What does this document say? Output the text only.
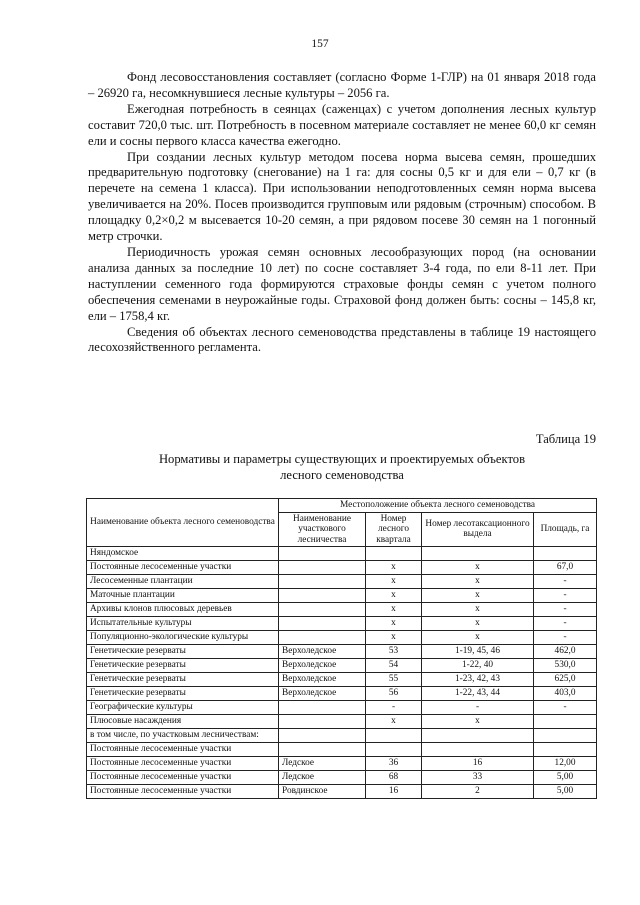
157

Фонд лесовосстановления составляет (согласно Форме 1-ГЛР) на 01 января 2018 года – 26920 га, несомкнувшиеся лесные культуры – 2056 га.

Ежегодная потребность в сеянцах (саженцах) с учетом дополнения лесных культур составит 720,0 тыс. шт. Потребность в посевном материале составляет не менее 60,0 кг семян ели и сосны первого класса качества ежегодно.

При создании лесных культур методом посева норма высева семян, прошедших предварительную подготовку (снегование) на 1 га: для сосны 0,5 кг и для ели – 0,7 кг (в перечете на семена 1 класса). При использовании неподготовленных семян норма высева увеличивается на 20%. Посев производится групповым или рядовым (строчным) способом. В площадку 0,2×0,2 м высевается 10-20 семян, а при рядовом посеве 30 семян на 1 погонный метр строчки.

Периодичность урожая семян основных лесообразующих пород (на основании анализа данных за последние 10 лет) по сосне составляет 3-4 года, по ели 8-11 лет. При наступлении семенного года формируются страховые фонды семян с учетом полного обеспечения семенами в неурожайные годы. Страховой фонд должен быть: сосны – 145,8 кг, ели – 1758,4 кг.

Сведения об объектах лесного семеноводства представлены в таблице 19 настоящего лесохозяйственного регламента.

Таблица 19
Нормативы и параметры существующих и проектируемых объектов
лесного семеноводства
Наименование объекта лесного семеноводства	Местоположение объекта лесного семеноводства			
	Наименование участкового лесничества	Номер лесного квартала	Номер лесотаксационного выдела	Площадь, га
Няндомское				
Постоянные лесосеменные участки		x	x	67,0
Лесосеменные плантации		x	x	-
Маточные плантации		x	x	-
Архивы клонов плюсовых деревьев		x	x	-
Испытательные культуры		x	x	-
Популяционно-экологические культуры		x	x	-
Генетические резерваты	Верхоледское	53	1-19, 45, 46	462,0
Генетические резерваты	Верхоледское	54	1-22, 40	530,0
Генетические резерваты	Верхоледское	55	1-23, 42, 43	625,0
Генетические резерваты	Верхоледское	56	1-22, 43, 44	403,0
Географические культуры		-	-	-
Плюсовые насаждения		x	x	
в том числе, по участковым лесничествам:				
Постоянные лесосеменные участки				
Постоянные лесосеменные участки	Ледское	36	16	12,00
Постоянные лесосеменные участки	Ледское	68	33	5,00
Постоянные лесосеменные участки	Ровдинское	16	2	5,00
